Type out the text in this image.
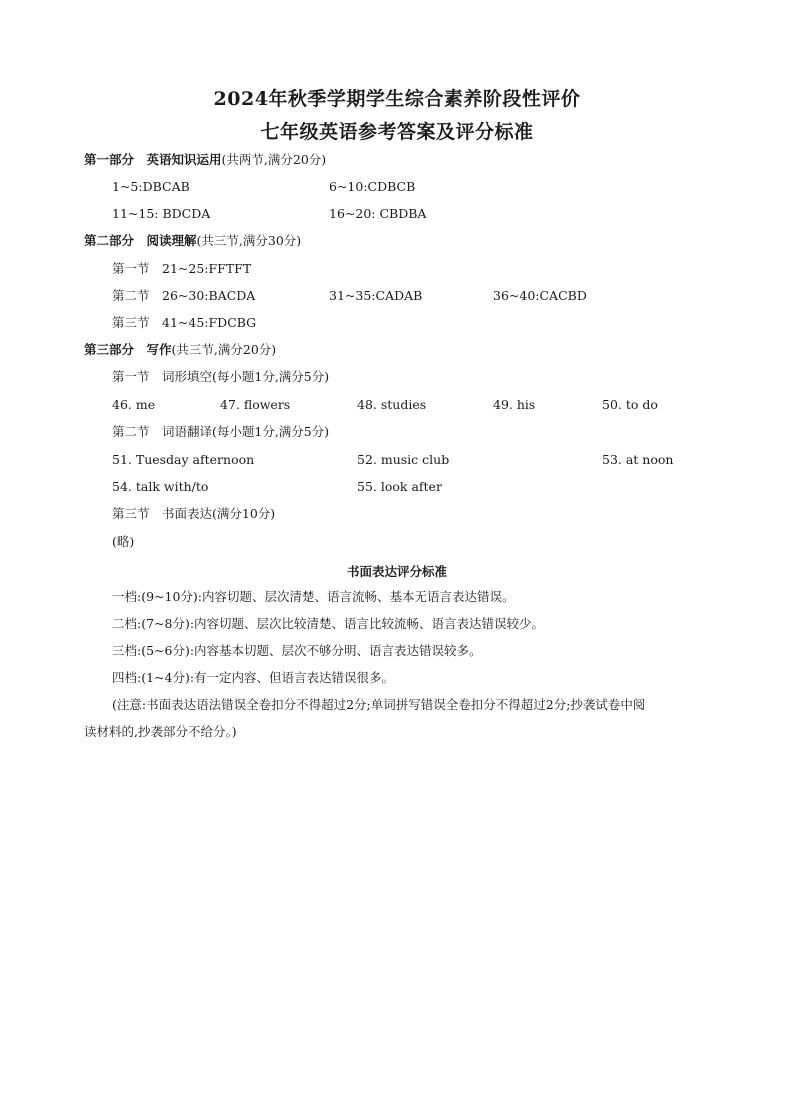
2024年秋季学期学生综合素养阶段性评价
七年级英语参考答案及评分标准
第一部分　英语知识运用(共两节,满分20分)
1~5:DBCAB	6~10:CDBCB
11~15: BDCDA	16~20: CBDBA
第二部分　阅读理解(共三节,满分30分)
第一节　21~25:FFTFT
第二节　26~30:BACDA	31~35:CADAB	36~40:CACBD
第三节　41~45:FDCBG
第三部分　写作(共三节,满分20分)
第一节　词形填空(每小题1分,满分5分)
46. me	47. flowers	48. studies	49. his	50. to do
第二节　词语翻译(每小题1分,满分5分)
51. Tuesday afternoon	52. music club	53. at noon
54. talk with/to	55. look after
第三节　书面表达(满分10分)
(略)
书面表达评分标准
一档:(9~10分):内容切题、层次清楚、语言流畅、基本无语言表达错误。
二档:(7~8分):内容切题、层次比较清楚、语言比较流畅、语言表达错误较少。
三档:(5~6分):内容基本切题、层次不够分明、语言表达错误较多。
四档:(1~4分):有一定内容、但语言表达错误很多。
(注意:书面表达语法错误全卷扣分不得超过2分;单词拼写错误全卷扣分不得超过2分;抄袭试卷中阅
读材料的,抄袭部分不给分。)
